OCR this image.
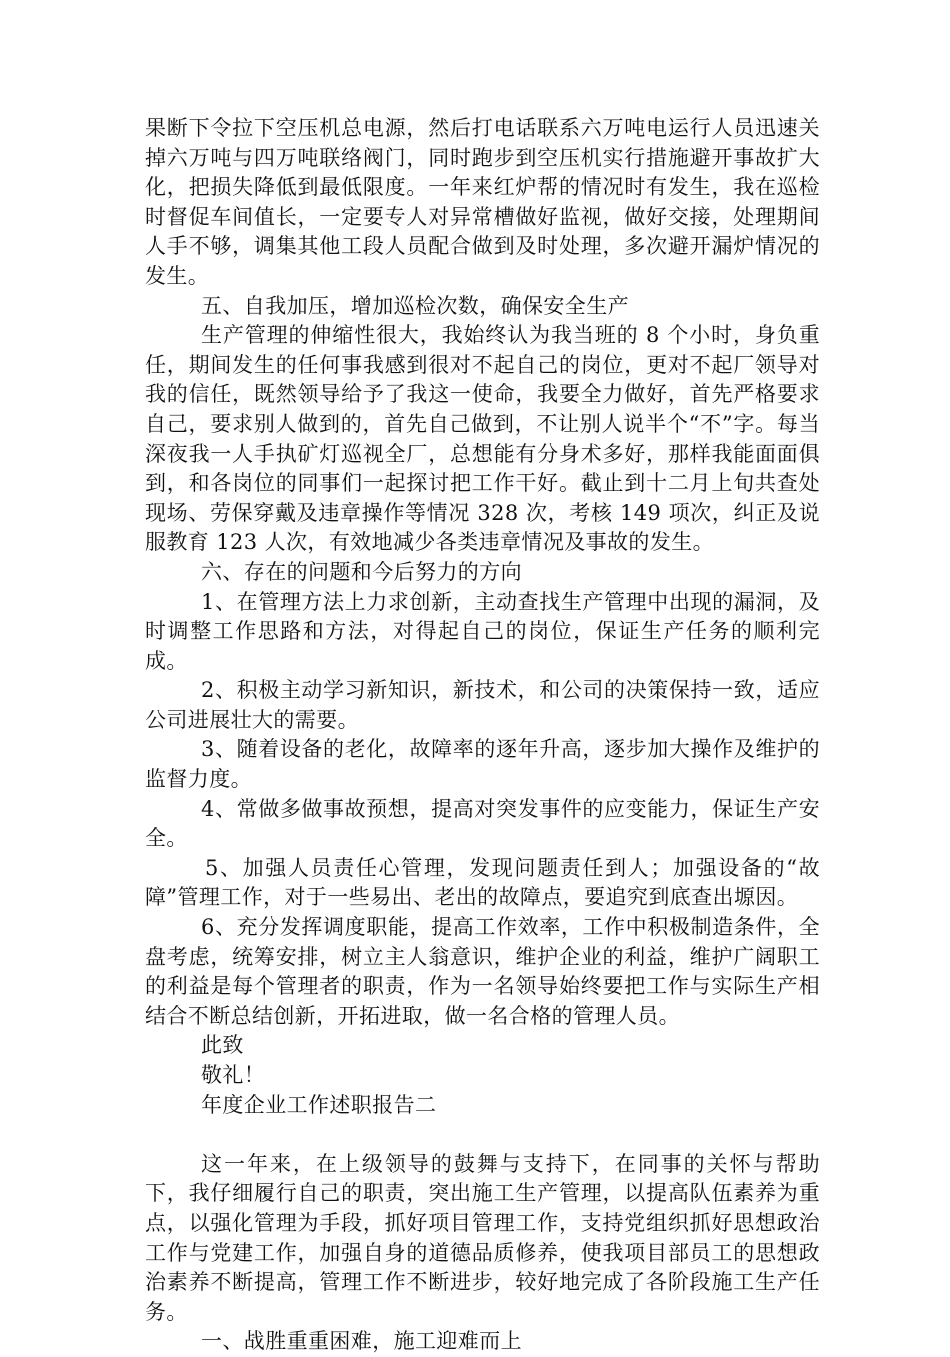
果断下令拉下空压机总电源，然后打电话联系六万吨电运行人员迅速关掉六万吨与四万吨联络阀门，同时跑步到空压机实行措施避开事故扩大化，把损失降低到最低限度。一年来红炉帮的情况时有发生，我在巡检时督促车间值长，一定要专人对异常槽做好监视，做好交接，处理期间人手不够，调集其他工段人员配合做到及时处理，多次避开漏炉情况的发生。

五、自我加压，增加巡检次数，确保安全生产

生产管理的伸缩性很大，我始终认为我当班的 8 个小时，身负重任，期间发生的任何事我感到很对不起自己的岗位，更对不起厂领导对我的信任，既然领导给予了我这一使命，我要全力做好，首先严格要求自己，要求别人做到的，首先自己做到，不让别人说半个“不”字。每当深夜我一人手执矿灯巡视全厂，总想能有分身术多好，那样我能面面俱到，和各岗位的同事们一起探讨把工作干好。截止到十二月上旬共查处现场、劳保穿戴及违章操作等情况 328 次，考核 149 项次，纠正及说服教育 123 人次，有效地减少各类违章情况及事故的发生。

六、存在的问题和今后努力的方向

1、在管理方法上力求创新，主动查找生产管理中出现的漏洞，及时调整工作思路和方法，对得起自己的岗位，保证生产任务的顺利完成。

2、积极主动学习新知识，新技术，和公司的决策保持一致，适应公司进展壮大的需要。

3、随着设备的老化，故障率的逐年升高，逐步加大操作及维护的监督力度。

4、常做多做事故预想，提高对突发事件的应变能力，保证生产安全。

5、加强人员责任心管理，发现问题责任到人；加强设备的“故障”管理工作，对于一些易出、老出的故障点，要追究到底查出塬因。

6、充分发挥调度职能，提高工作效率，工作中积极制造条件，全盘考虑，统筹安排，树立主人翁意识，维护企业的利益，维护广阔职工的利益是每个管理者的职责，作为一名领导始终要把工作与实际生产相结合不断总结创新，开拓进取，做一名合格的管理人员。

此致

敬礼！

年度企业工作述职报告二

这一年来，在上级领导的鼓舞与支持下，在同事的关怀与帮助下，我仔细履行自己的职责，突出施工生产管理，以提高队伍素养为重点，以强化管理为手段，抓好项目管理工作，支持党组织抓好思想政治工作与党建工作，加强自身的道德品质修养，使我项目部员工的思想政治素养不断提高，管理工作不断进步，较好地完成了各阶段施工生产任务。

一、战胜重重困难，施工迎难而上
